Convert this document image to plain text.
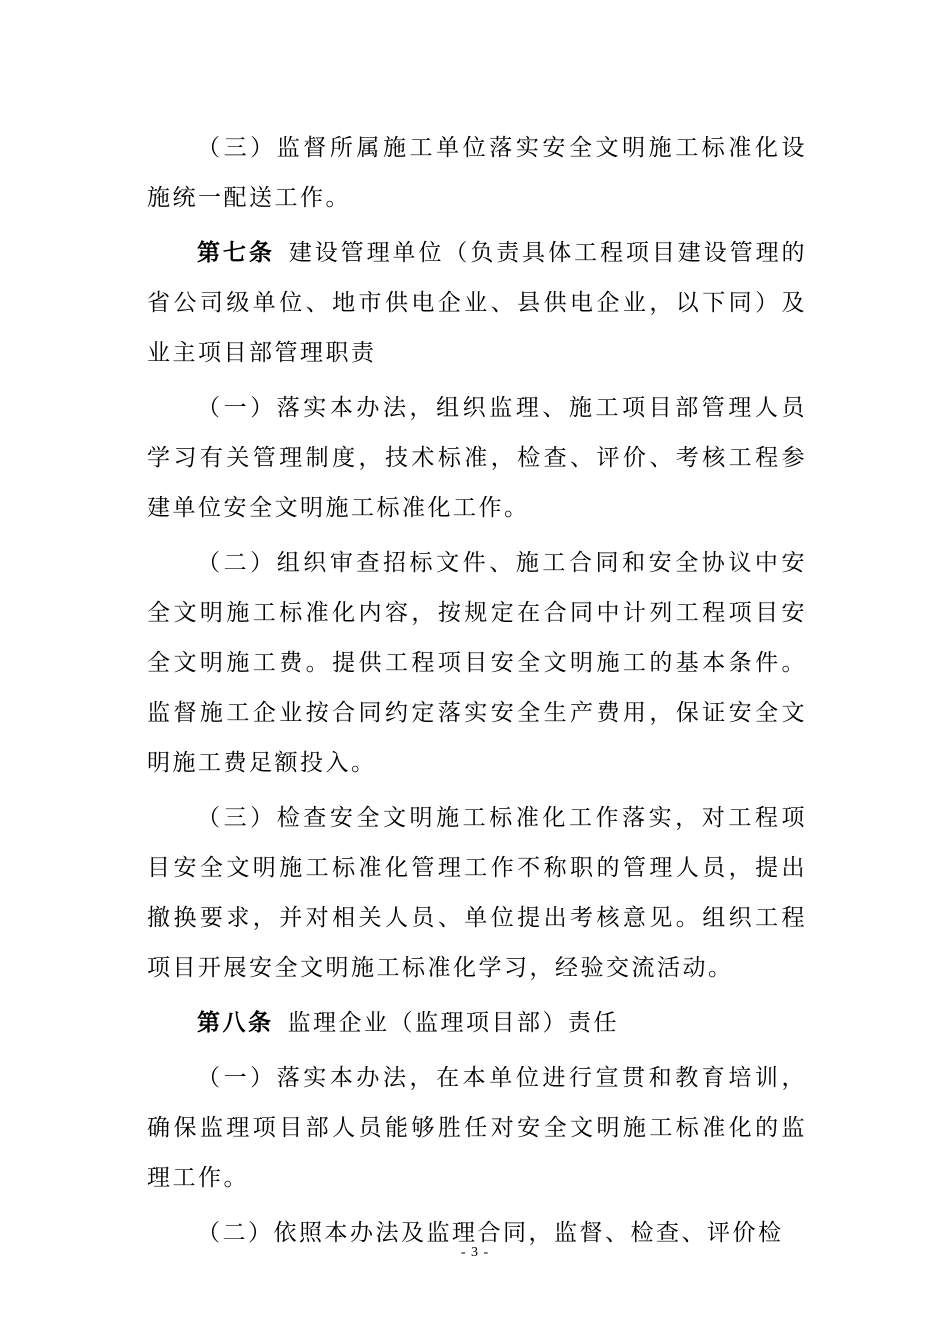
（三）监督所属施工单位落实安全文明施工标准化设施统一配送工作。

第七条 建设管理单位（负责具体工程项目建设管理的省公司级单位、地市供电企业、县供电企业，以下同）及业主项目部管理职责

（一）落实本办法，组织监理、施工项目部管理人员学习有关管理制度，技术标准，检查、评价、考核工程参建单位安全文明施工标准化工作。

（二）组织审查招标文件、施工合同和安全协议中安全文明施工标准化内容，按规定在合同中计列工程项目安全文明施工费。提供工程项目安全文明施工的基本条件。监督施工企业按合同约定落实安全生产费用，保证安全文明施工费足额投入。

（三）检查安全文明施工标准化工作落实，对工程项目安全文明施工标准化管理工作不称职的管理人员，提出撤换要求，并对相关人员、单位提出考核意见。组织工程项目开展安全文明施工标准化学习，经验交流活动。

第八条 监理企业（监理项目部）责任

（一）落实本办法，在本单位进行宣贯和教育培训，确保监理项目部人员能够胜任对安全文明施工标准化的监理工作。

（二）依照本办法及监理合同，监督、检查、评价检

- 3 -
